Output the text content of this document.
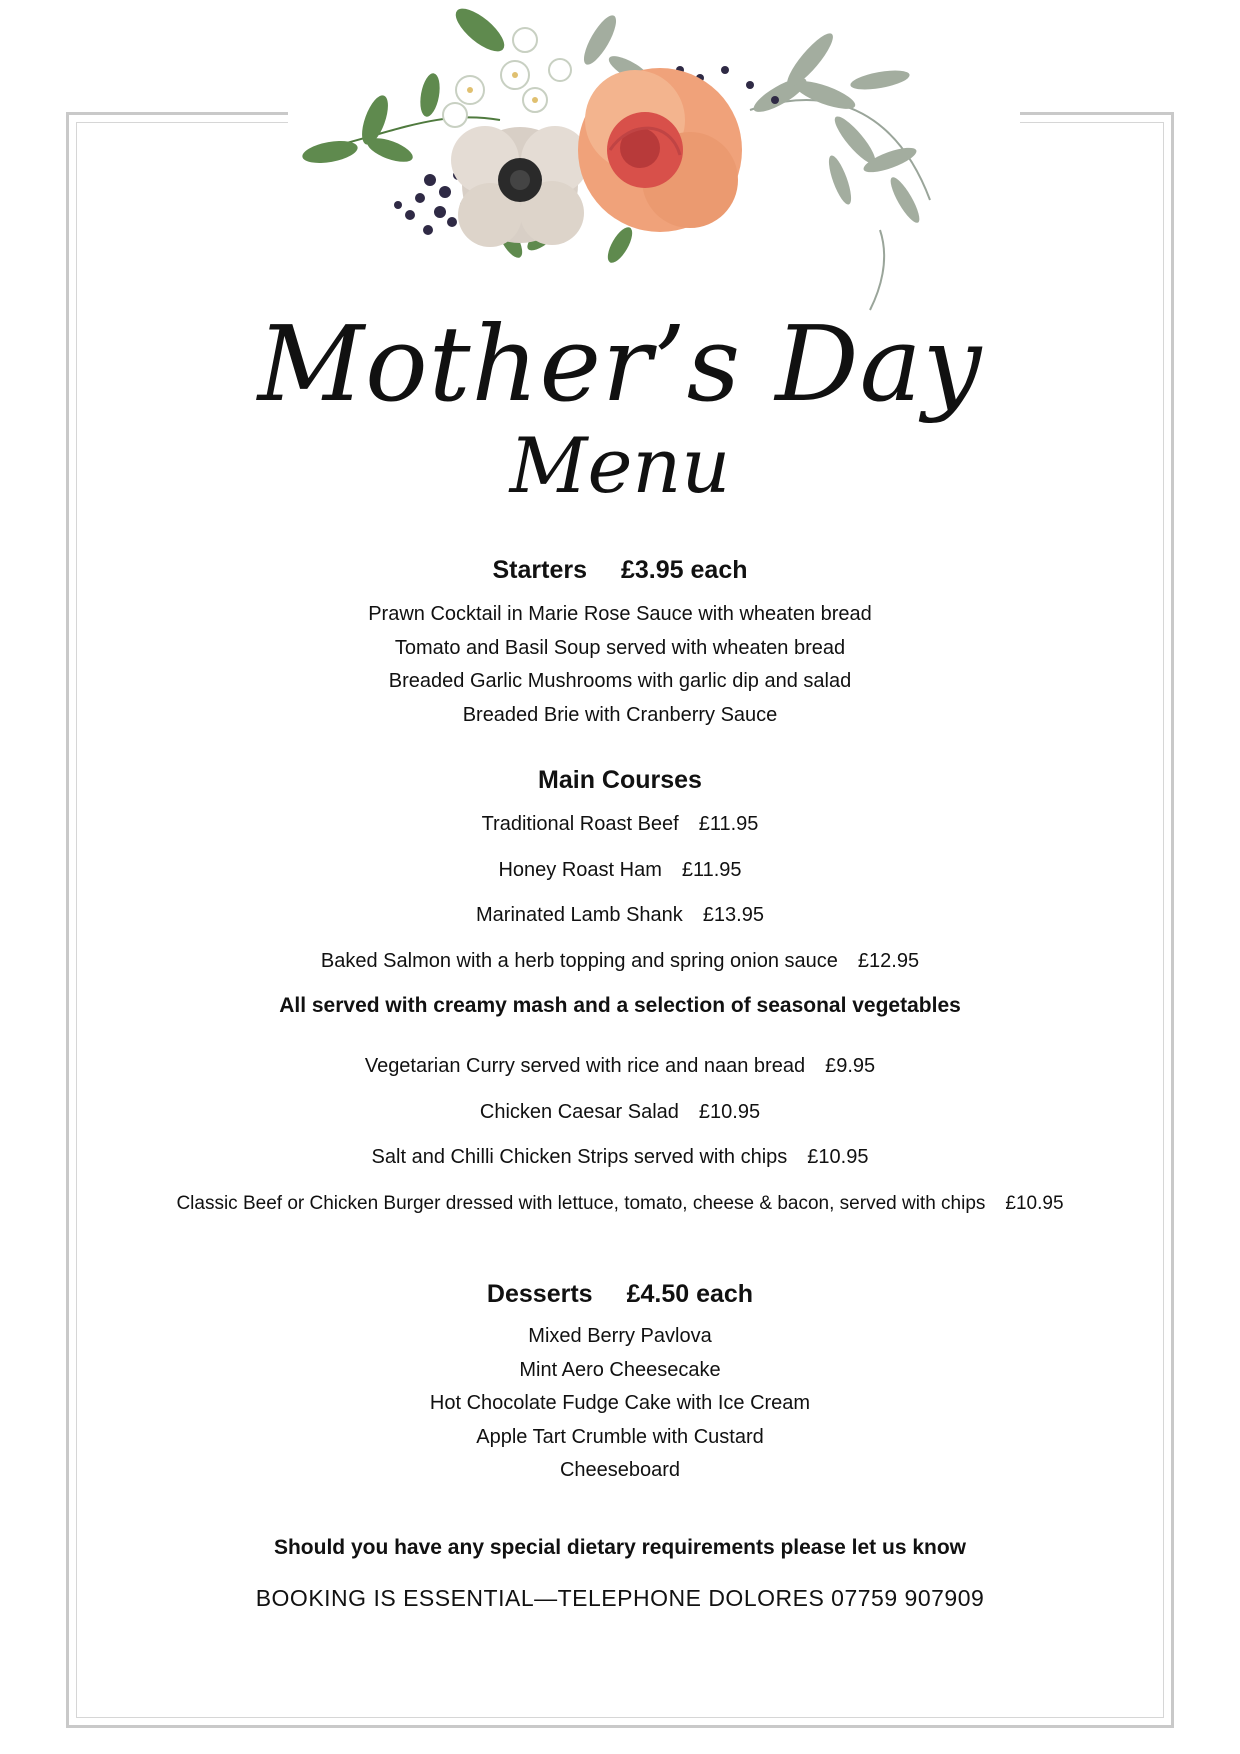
Mother’s Day

Menu

Starters £3.95 each

Prawn Cocktail in Marie Rose Sauce with wheaten bread

Tomato and Basil Soup served with wheaten bread

Breaded Garlic Mushrooms with garlic dip and salad

Breaded Brie with Cranberry Sauce

Main Courses

Traditional Roast Beef £11.95

Honey Roast Ham £11.95

Marinated Lamb Shank £13.95

Baked Salmon with a herb topping and spring onion sauce £12.95

All served with creamy mash and a selection of seasonal vegetables

Vegetarian Curry served with rice and naan bread £9.95

Chicken Caesar Salad £10.95

Salt and Chilli Chicken Strips served with chips £10.95

Classic Beef or Chicken Burger dressed with lettuce, tomato, cheese & bacon, served with chips £10.95

Desserts £4.50 each

Mixed Berry Pavlova

Mint Aero Cheesecake

Hot Chocolate Fudge Cake with Ice Cream

Apple Tart Crumble with Custard

Cheeseboard

Should you have any special dietary requirements please let us know

BOOKING IS ESSENTIAL—TELEPHONE DOLORES 07759 907909
